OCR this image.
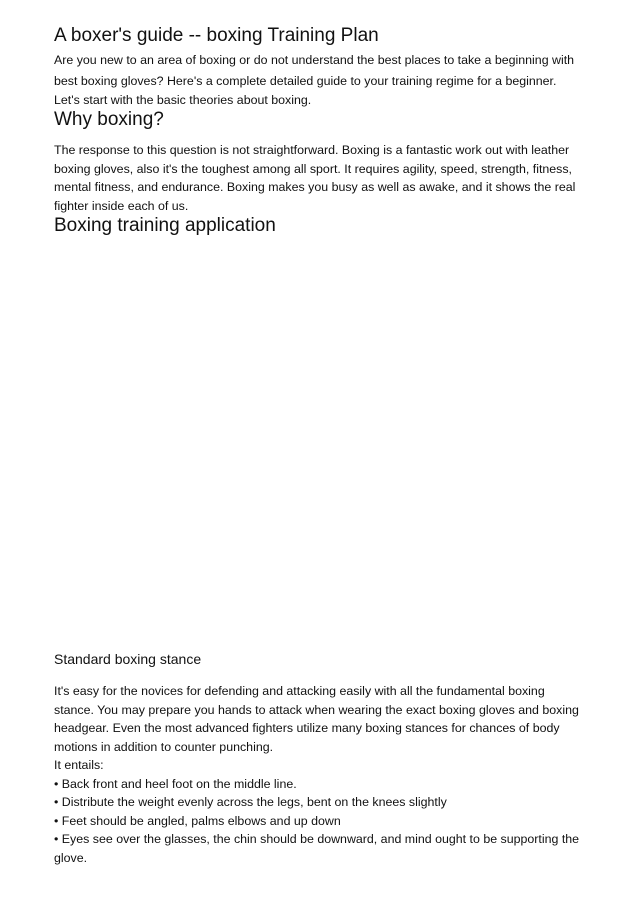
A boxer's guide -- boxing Training Plan

Are you new to an area of boxing or do not understand the best places to take a beginning with best boxing gloves? Here's a complete detailed guide to your training regime for a beginner.

Let's start with the basic theories about boxing.

Why boxing?

The response to this question is not straightforward. Boxing is a fantastic work out with leather boxing gloves, also it's the toughest among all sport. It requires agility, speed, strength, fitness, mental fitness, and endurance. Boxing makes you busy as well as awake, and it shows the real fighter inside each of us.

Boxing training application
Standard boxing stance

It's easy for the novices for defending and attacking easily with all the fundamental boxing stance. You may prepare you hands to attack when wearing the exact boxing gloves and boxing headgear. Even the most advanced fighters utilize many boxing stances for chances of body motions in addition to counter punching.

It entails:

• Back front and heel foot on the middle line.

• Distribute the weight evenly across the legs, bent on the knees slightly

• Feet should be angled, palms elbows and up down

• Eyes see over the glasses, the chin should be downward, and mind ought to be supporting the glove.
